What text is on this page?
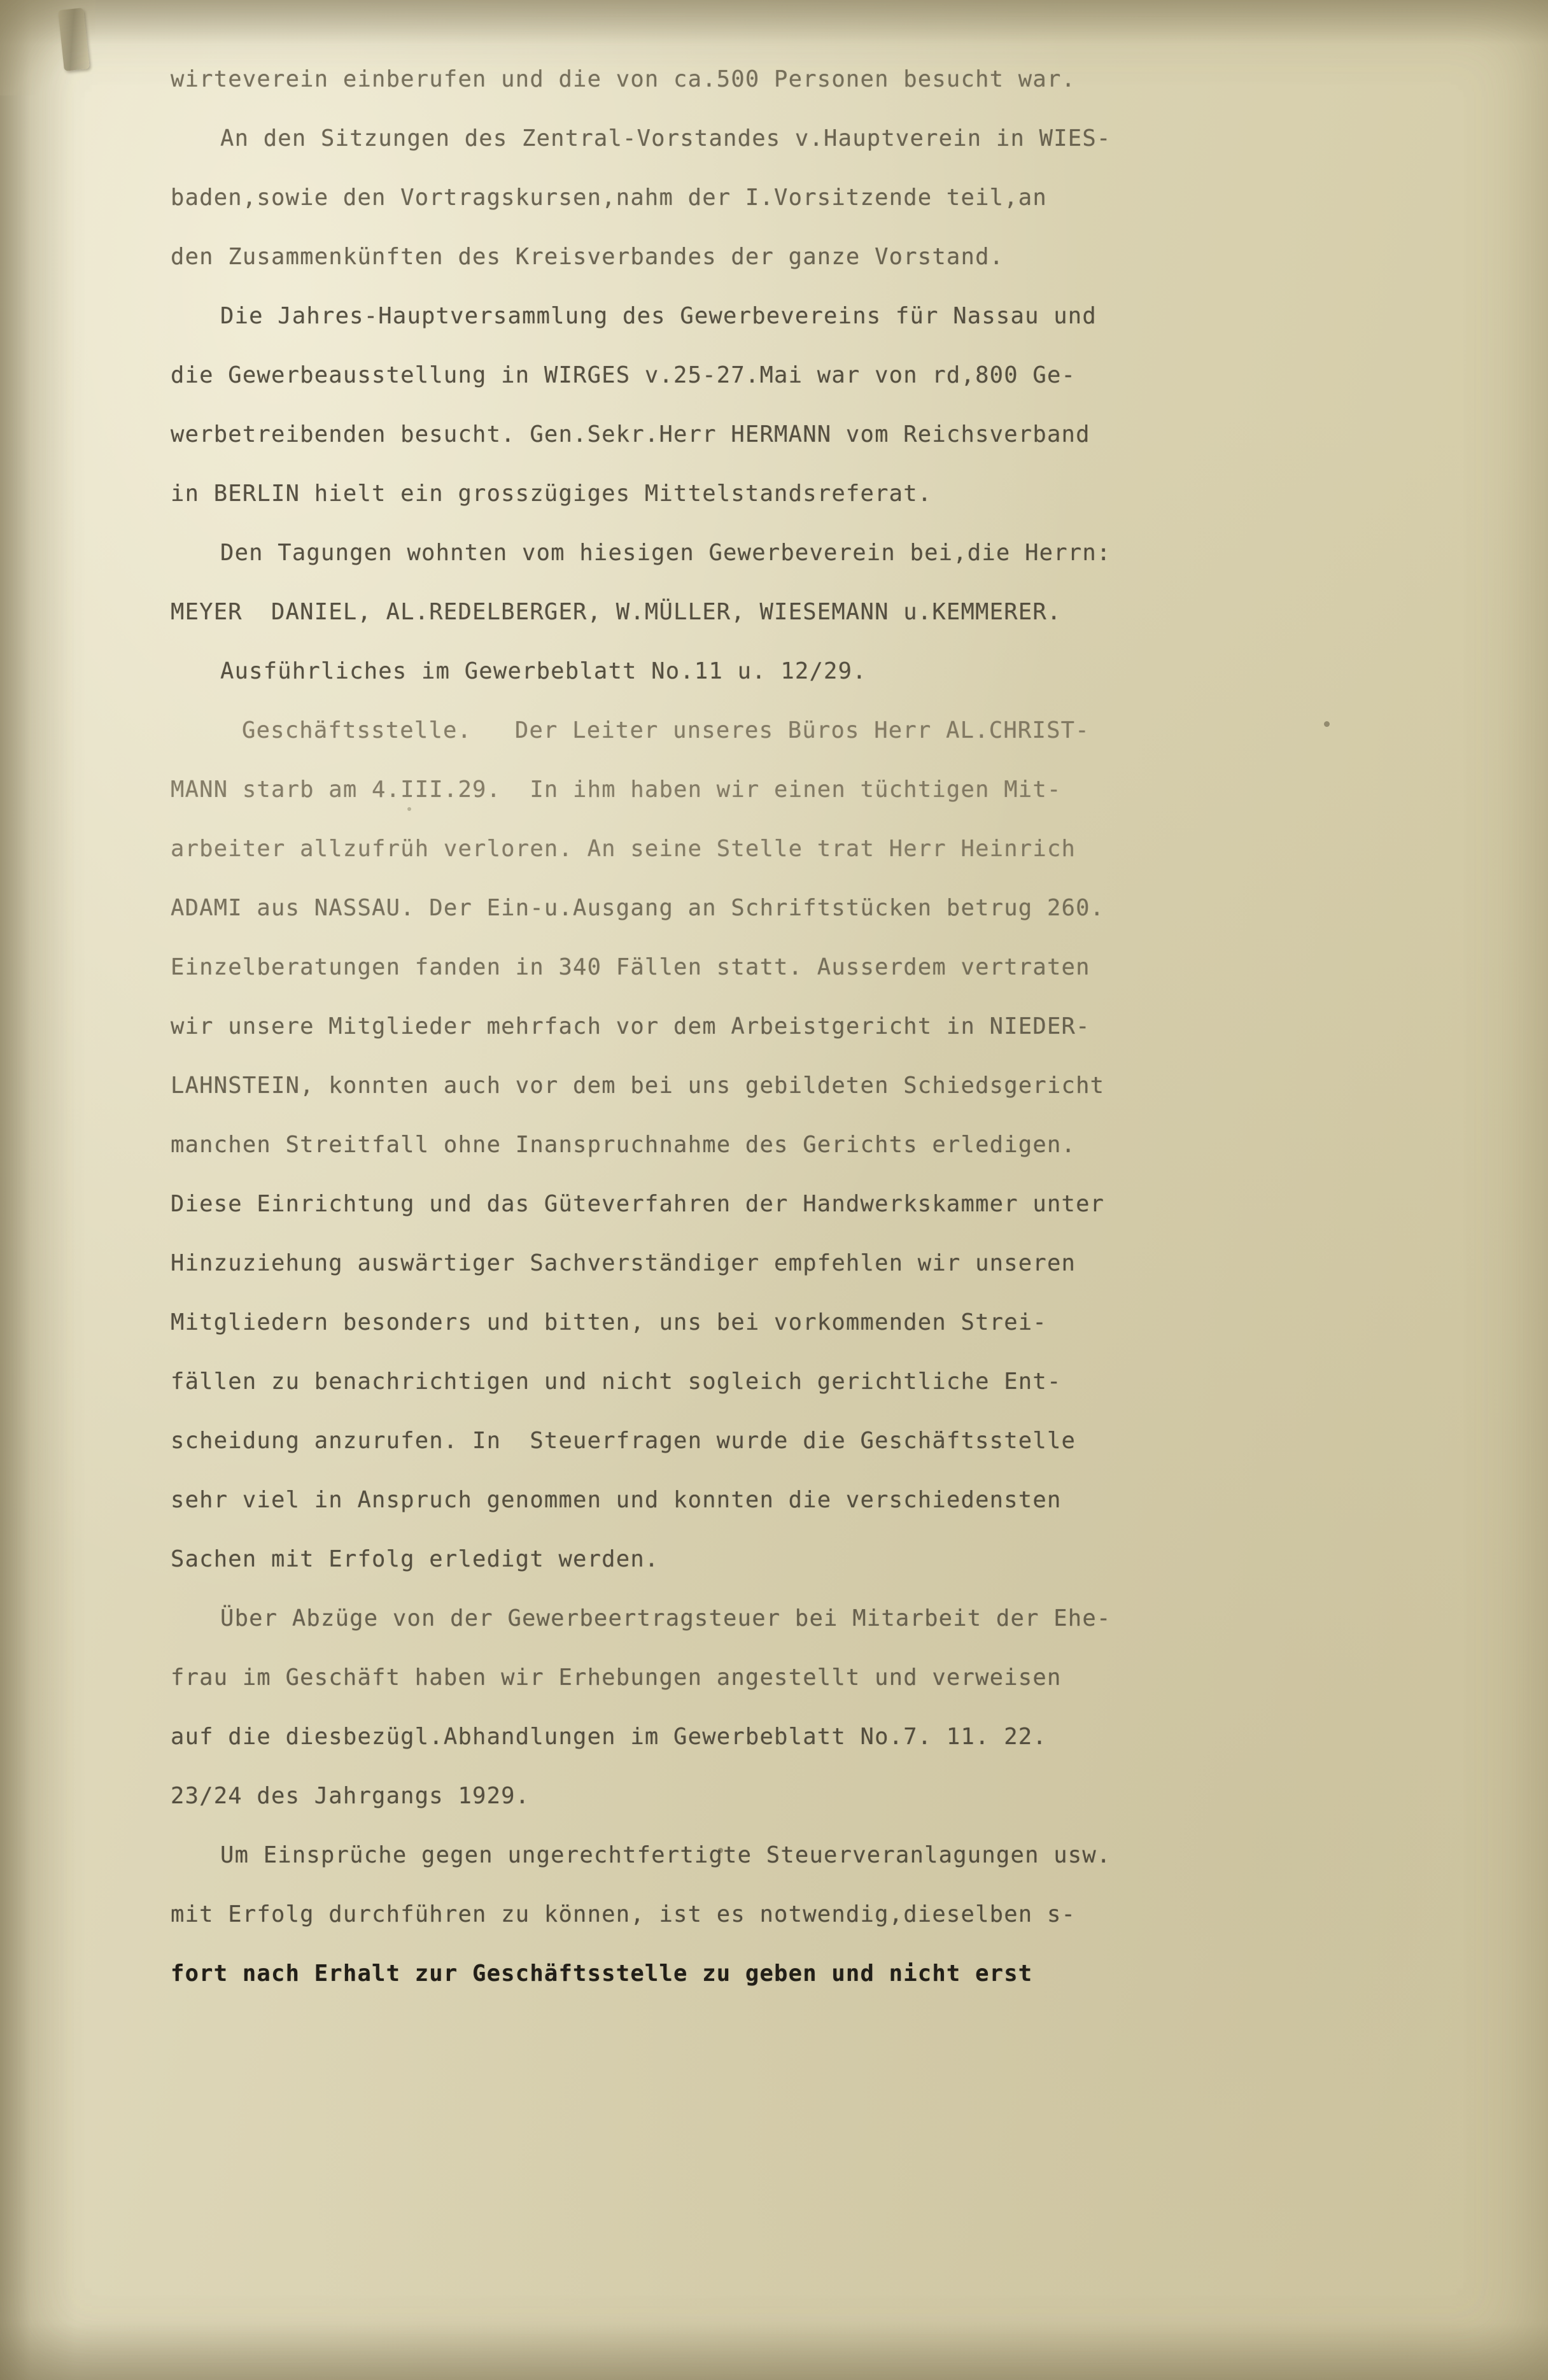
wirteverein einberufen und die von ca.500 Personen besucht war.

An den Sitzungen des Zentral-Vorstandes v.Hauptverein in WIES-

baden,sowie den Vortragskursen,nahm der I.Vorsitzende teil,an

den Zusammenkünften des Kreisverbandes der ganze Vorstand.

Die Jahres-Hauptversammlung des Gewerbevereins für Nassau und

die Gewerbeausstellung in WIRGES v.25-27.Mai war von rd,800 Ge-

werbetreibenden besucht. Gen.Sekr.Herr HERMANN vom Reichsverband

in BERLIN hielt ein grosszügiges Mittelstandsreferat.

Den Tagungen wohnten vom hiesigen Gewerbeverein bei,die Herrn:

MEYER  DANIEL, AL.REDELBERGER, W.MÜLLER, WIESEMANN u.KEMMERER.

Ausführliches im Gewerbeblatt No.11 u. 12/29.

Geschäftsstelle.   Der Leiter unseres Büros Herr AL.CHRIST-

MANN starb am 4.III.29.  In ihm haben wir einen tüchtigen Mit-

arbeiter allzufrüh verloren. An seine Stelle trat Herr Heinrich

ADAMI aus NASSAU. Der Ein-u.Ausgang an Schriftstücken betrug 260.

Einzelberatungen fanden in 340 Fällen statt. Ausserdem vertraten

wir unsere Mitglieder mehrfach vor dem Arbeistgericht in NIEDER-

LAHNSTEIN, konnten auch vor dem bei uns gebildeten Schiedsgericht

manchen Streitfall ohne Inanspruchnahme des Gerichts erledigen.

Diese Einrichtung und das Güteverfahren der Handwerkskammer unter

Hinzuziehung auswärtiger Sachverständiger empfehlen wir unseren

Mitgliedern besonders und bitten, uns bei vorkommenden Strei-

fällen zu benachrichtigen und nicht sogleich gerichtliche Ent-

scheidung anzurufen. In  Steuerfragen wurde die Geschäftsstelle

sehr viel in Anspruch genommen und konnten die verschiedensten

Sachen mit Erfolg erledigt werden.

Über Abzüge von der Gewerbeertragsteuer bei Mitarbeit der Ehe-

frau im Geschäft haben wir Erhebungen angestellt und verweisen

auf die diesbezügl.Abhandlungen im Gewerbeblatt No.7. 11. 22.

23/24 des Jahrgangs 1929.

Um Einsprüche gegen ungerechtfertigte Steuerveranlagungen usw.

mit Erfolg durchführen zu können, ist es notwendig,dieselben s-

fort nach Erhalt zur Geschäftsstelle zu geben und nicht erst
